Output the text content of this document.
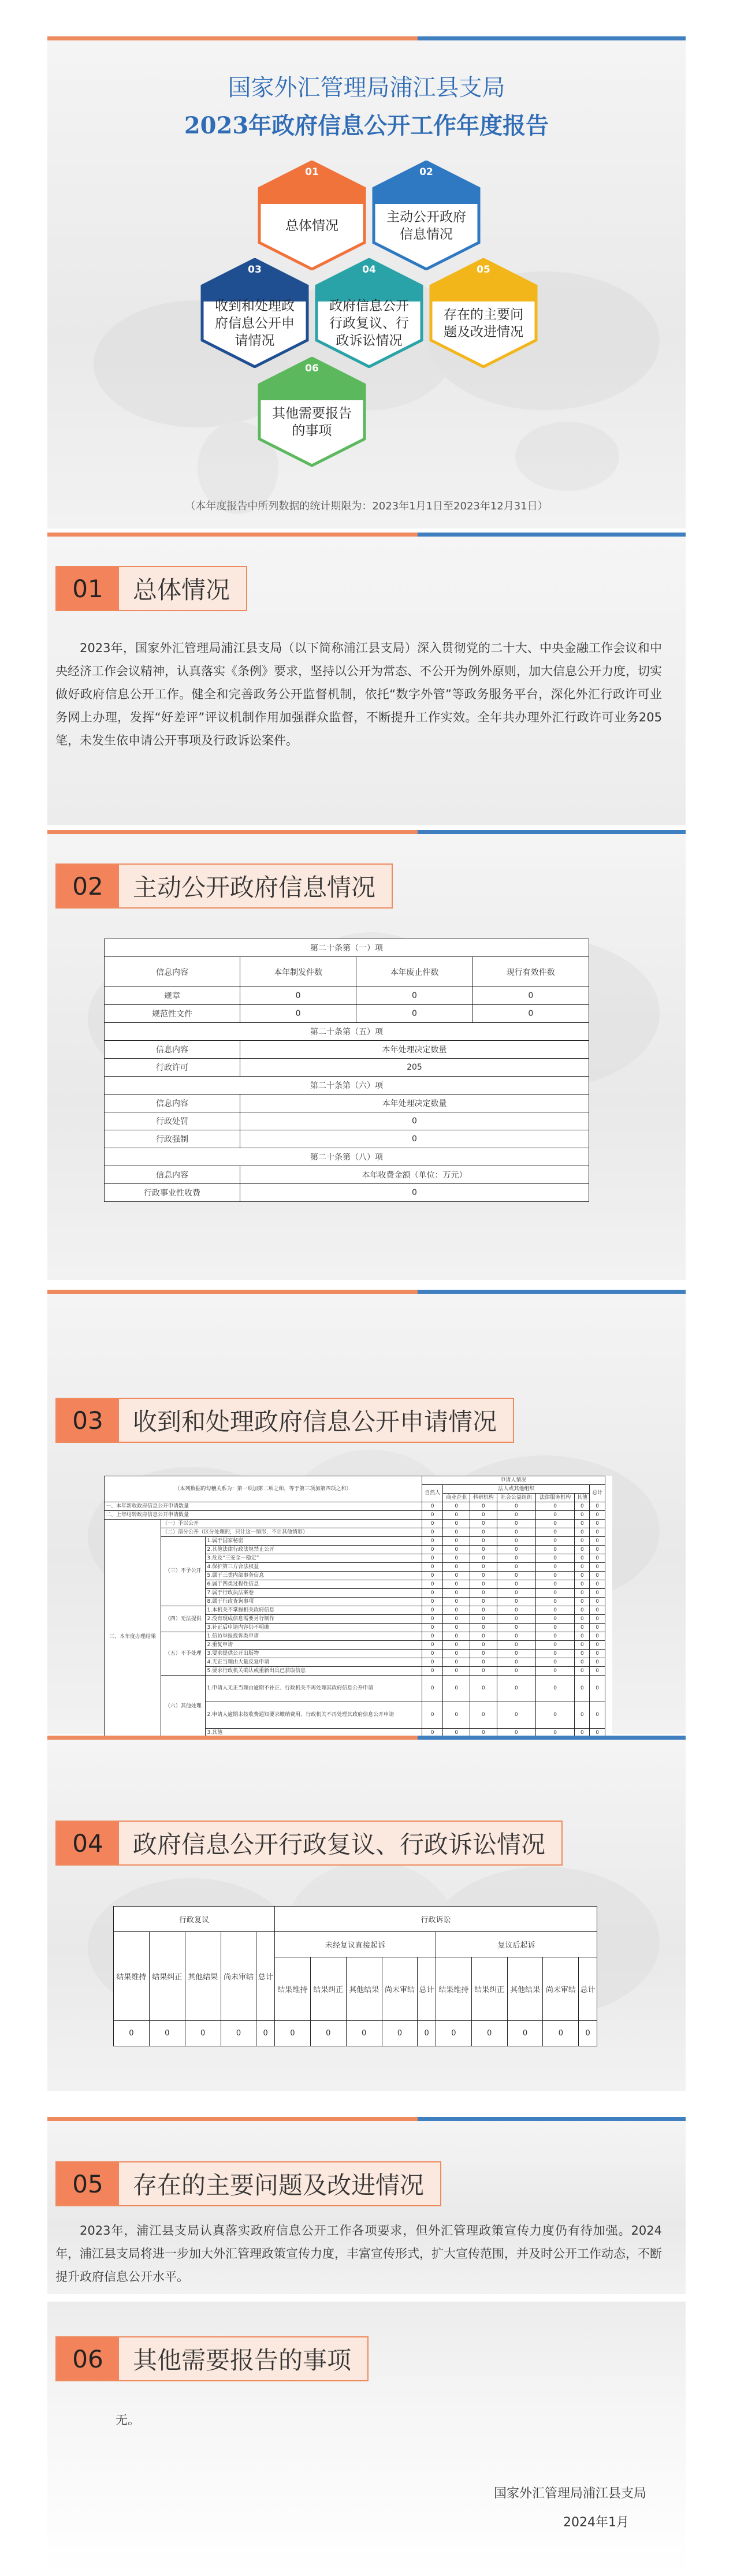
国家外汇管理局浦江县支局
2023年政府信息公开工作年度报告
01
总体情况
02
主动公开政府信息情况
03
收到和处理政府信息公开申请情况
04
政府信息公开行政复议、行政诉讼情况
05
存在的主要问题及改进情况
06
其他需要报告的事项
（本年度报告中所列数据的统计期限为：2023年1月1日至2023年12月31日）
01	总体情况
2023年，国家外汇管理局浦江县支局（以下简称浦江县支局）深入贯彻党的二十大、中央金融工作会议和中央经济工作会议精神，认真落实《条例》要求，坚持以公开为常态、不公开为例外原则，加大信息公开力度，切实做好政府信息公开工作。健全和完善政务公开监督机制，依托“数字外管”等政务服务平台，深化外汇行政许可业务网上办理，发挥“好差评”评议机制作用加强群众监督，不断提升工作实效。全年共办理外汇行政许可业务205笔，未发生依申请公开事项及行政诉讼案件。
02	主动公开政府信息情况
第二十条第（一）项			
信息内容	本年制发件数	本年废止件数	现行有效件数
规章	0	0	0
规范性文件	0	0	0
第二十条第（五）项			
信息内容	本年处理决定数量		
行政许可	205		
第二十条第（六）项			
信息内容	本年处理决定数量		
行政处罚	0		
行政强制	0		
第二十条第（八）项			
信息内容	本年收费金额（单位：万元）		
行政事业性收费	0		
03	收到和处理政府信息公开申请情况
（本列数据的勾稽关系为：第一项加第二项之和，等于第三项加第四项之和）			申请人情况							
			自然人	法人或其他组织					总计	
				商业企业	科研机构	社会公益组织	法律服务机构	其他		
一、本年新收政府信息公开申请数量			0	0	0	0	0	0	0	
二、上年结转政府信息公开申请数量			0	0	0	0	0	0	0	
三、本年度办理结果	（一）予以公开		0	0	0	0	0	0	0	
	（二）部分公开（区分处理的，只计这一情形，不计其他情形）		0	0	0	0	0	0	0	
	（三）不予公开	1.属于国家秘密	0	0	0	0	0	0	0	
		2.其他法律行政法规禁止公开	0	0	0	0	0	0	0	
		3.危及“三安全一稳定”	0	0	0	0	0	0	0	
		4.保护第三方合法权益	0	0	0	0	0	0	0	
		5.属于三类内部事务信息	0	0	0	0	0	0	0	
		6.属于四类过程性信息	0	0	0	0	0	0	0	
		7.属于行政执法案卷	0	0	0	0	0	0	0	
		8.属于行政查询事项	0	0	0	0	0	0	0	
	（四）无法提供	1.本机关不掌握相关政府信息	0	0	0	0	0	0	0	
		2.没有现成信息需要另行制作	0	0	0	0	0	0	0	
		3.补正后申请内容仍不明确	0	0	0	0	0	0	0	
	（五）不予处理	1.信访举报投诉类申请	0	0	0	0	0	0	0	
		2.重复申请	0	0	0	0	0	0	0	
		3.要求提供公开出版物	0	0	0	0	0	0	0	
		4.无正当理由大量反复申请	0	0	0	0	0	0	0	
		5.要求行政机关确认或重新出具已获取信息	0	0	0	0	0	0	0	
	（六）其他处理	1.申请人无正当理由逾期不补正、行政机关不再处理其政府信息公开申请	0	0	0	0	0	0	0	
		2.申请人逾期未按收费通知要求缴纳费用、行政机关不再处理其政府信息公开申请	0	0	0	0	0	0	0	
		3.其他	0	0	0	0	0	0	0	

04	政府信息公开行政复议、行政诉讼情况
行政复议					行政诉讼									
结果维持	结果纠正	其他结果	尚未审结	总计	未经复议直接起诉					复议后起诉				
					结果维持	结果纠正	其他结果	尚未审结	总计	结果维持	结果纠正	其他结果	尚未审结	总计
0	0	0	0	0	0	0	0	0	0	0	0	0	0	0
05	存在的主要问题及改进情况
2023年，浦江县支局认真落实政府信息公开工作各项要求，但外汇管理政策宣传力度仍有待加强。2024年，浦江县支局将进一步加大外汇管理政策宣传力度，丰富宣传形式，扩大宣传范围，并及时公开工作动态，不断提升政府信息公开水平。
06	其他需要报告的事项
无。
国家外汇管理局浦江县支局
2024年1月
